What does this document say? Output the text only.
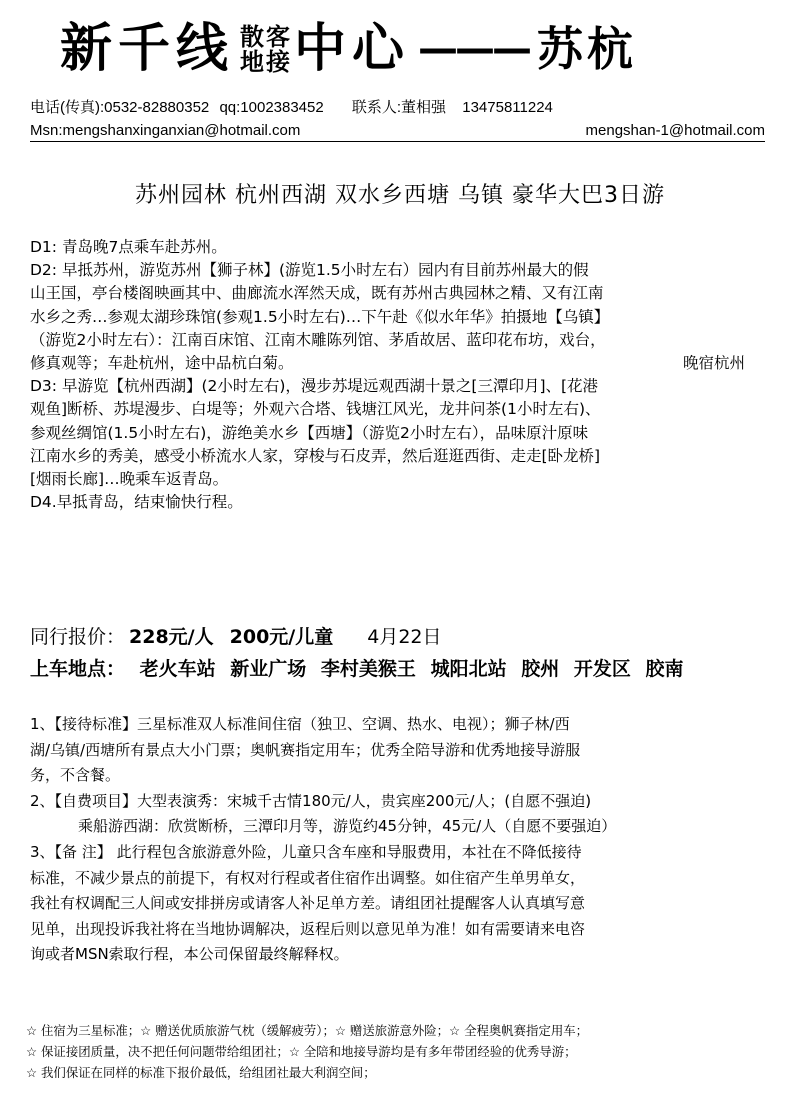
新千线 散
地
客
接 中心 ——— 苏杭
电话(传真):0532-82880352 qq:1002383452 联系人:董相强 13475811224
Msn:mengshanxinganxian@hotmail.com	mengshan-1@hotmail.com
苏州园林 杭州西湖 双水乡西塘 乌镇 豪华大巴3日游
D1: 青岛晚7点乘车赴苏州。
D2: 早抵苏州，游览苏州【狮子林】(游览1.5小时左右）园内有目前苏州最大的假
山王国，亭台楼阁映画其中、曲廊流水浑然天成，既有苏州古典园林之精、又有江南
水乡之秀…参观太湖珍珠馆(参观1.5小时左右)…下午赴《似水年华》拍摄地【乌镇】
（游览2小时左右）：江南百床馆、江南木雕陈列馆、茅盾故居、蓝印花布坊，戏台，
修真观等；车赴杭州，途中品杭白菊。	晚宿杭州
D3: 早游览【杭州西湖】(2小时左右)，漫步苏堤远观西湖十景之[三潭印月]、[花港
观鱼]断桥、苏堤漫步、白堤等；外观六合塔、钱塘江风光，龙井问茶(1小时左右)、
参观丝绸馆(1.5小时左右)，游绝美水乡【西塘】（游览2小时左右），品味原汁原味
江南水乡的秀美，感受小桥流水人家，穿梭与石皮弄，然后逛逛西街、走走[卧龙桥]
[烟雨长廊]…晚乘车返青岛。
D4.早抵青岛，结束愉快行程。
同行报价： 228元/人 200元/儿童 4月22日
上车地点： 老火车站 新业广场 李村美猴王 城阳北站 胶州 开发区 胶南
1、【接待标准】三星标准双人标准间住宿（独卫、空调、热水、电视）；狮子林/西
湖/乌镇/西塘所有景点大小门票；奥帆赛指定用车；优秀全陪导游和优秀地接导游服
务，不含餐。
2、【自费项目】大型表演秀：宋城千古情180元/人，贵宾座200元/人；(自愿不强迫)
乘船游西湖：欣赏断桥，三潭印月等，游览约45分钟，45元/人（自愿不要强迫）
3、【备 注】 此行程包含旅游意外险，儿童只含车座和导服费用，本社在不降低接待
标准，不减少景点的前提下，有权对行程或者住宿作出调整。如住宿产生单男单女，
我社有权调配三人间或安排拼房或请客人补足单方差。请组团社提醒客人认真填写意
见单，出现投诉我社将在当地协调解决，返程后则以意见单为准！如有需要请来电咨
询或者MSN索取行程，本公司保留最终解释权。
☆ 住宿为三星标准；☆ 赠送优质旅游气枕（缓解疲劳）；☆ 赠送旅游意外险；☆ 全程奥帆赛指定用车；
☆ 保证接团质量，决不把任何问题带给组团社；☆ 全陪和地接导游均是有多年带团经验的优秀导游；
☆ 我们保证在同样的标准下报价最低，给组团社最大利润空间；
